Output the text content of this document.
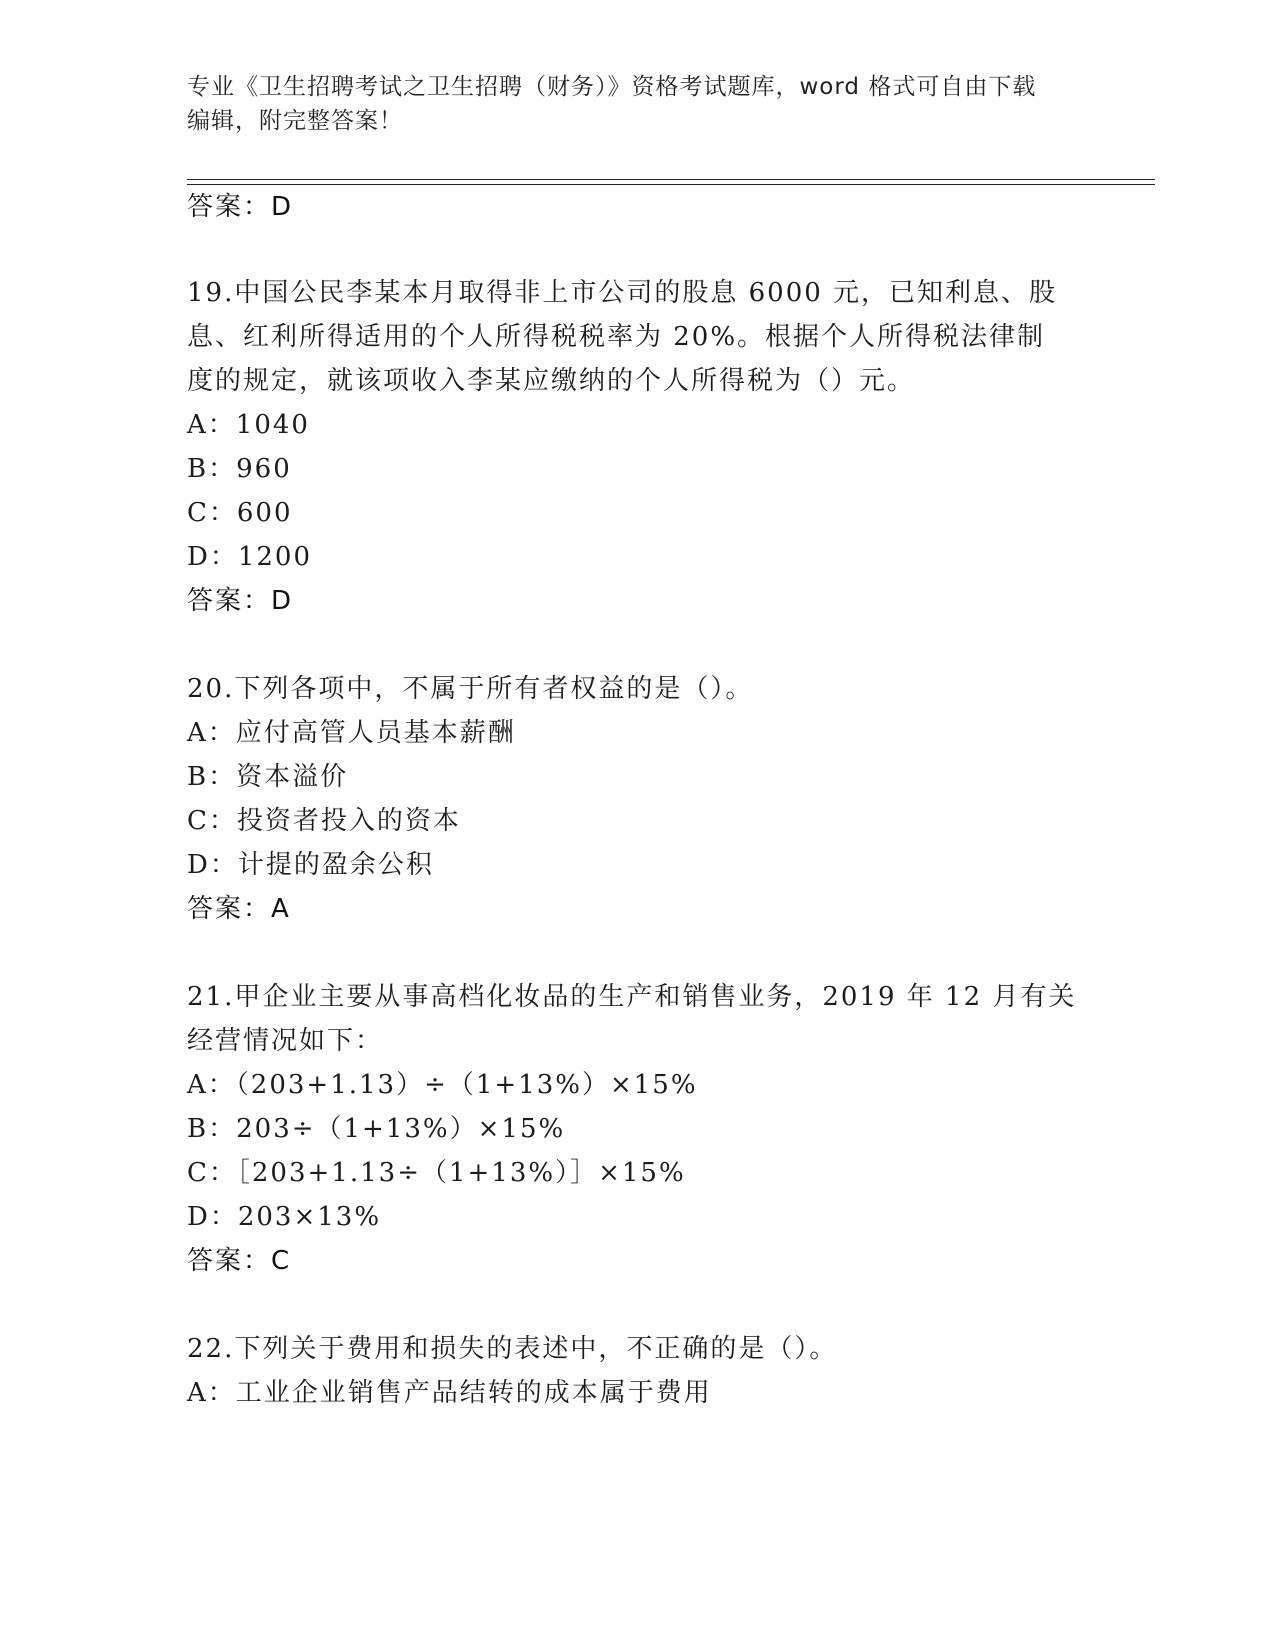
专业《卫生招聘考试之卫生招聘（财务）》资格考试题库，word 格式可自由下载
编辑，附完整答案！
答案：D
19.中国公民李某本月取得非上市公司的股息 6000 元，已知利息、股
息、红利所得适用的个人所得税税率为 20%。根据个人所得税法律制
度的规定，就该项收入李某应缴纳的个人所得税为（）元。
A：1040
B：960
C：600
D：1200
答案：D
20.下列各项中，不属于所有者权益的是（）。
A：应付高管人员基本薪酬
B：资本溢价
C：投资者投入的资本
D：计提的盈余公积
答案：A
21.甲企业主要从事高档化妆品的生产和销售业务，2019 年 12 月有关
经营情况如下：
A：（203+1.13）÷（1+13%）×15%
B：203÷（1+13%）×15%
C：［203+1.13÷（1+13%）］×15%
D：203×13%
答案：C
22.下列关于费用和损失的表述中，不正确的是（）。
A：工业企业销售产品结转的成本属于费用
